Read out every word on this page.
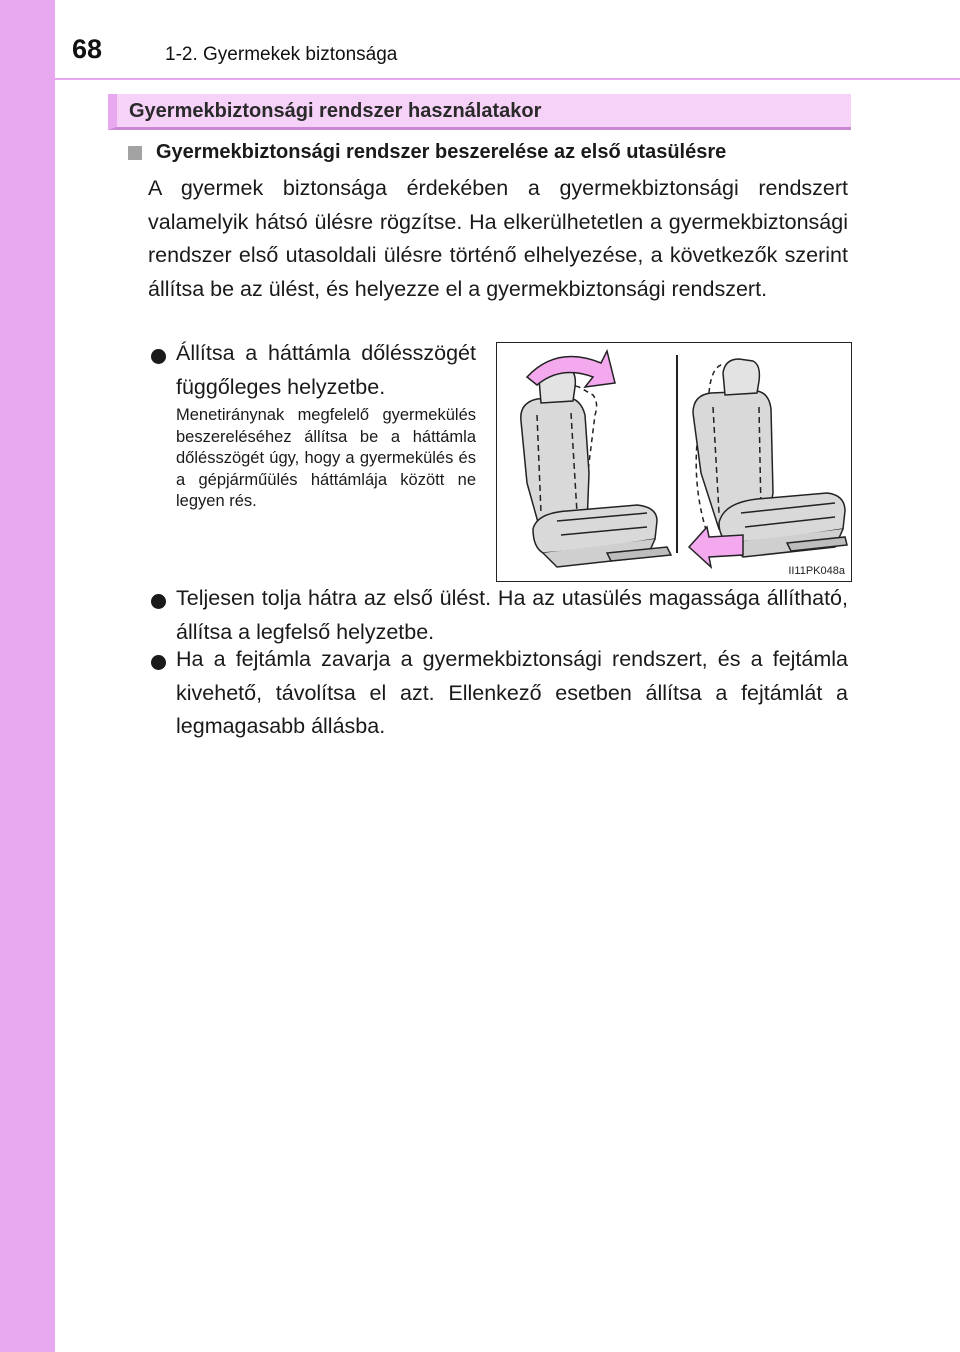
68	1-2. Gyermekek biztonsága
Gyermekbiztonsági rendszer használatakor
Gyermekbiztonsági rendszer beszerelése az első utasülésre
A gyermek biztonsága érdekében a gyermekbiztonsági rendszert valamelyik hátsó ülésre rögzítse. Ha elkerülhetetlen a gyermekbiztonsági rendszer első utasoldali ülésre történő elhelyezése, a következők szerint állítsa be az ülést, és helyezze el a gyermekbiztonsági rendszert.
Állítsa a háttámla dőlésszögét függőleges helyzetbe.
Menetiránynak megfelelő gyermekülés beszereléséhez állítsa be a háttámla dőlésszögét úgy, hogy a gyermekülés és a gépjárműülés háttámlája között ne legyen rés.
II11PK048a
Teljesen tolja hátra az első ülést. Ha az utasülés magassága állítható, állítsa a legfelső helyzetbe.
Ha a fejtámla zavarja a gyermekbiztonsági rendszert, és a fejtámla kivehető, távolítsa el azt. Ellenkező esetben állítsa a fejtámlát a legmagasabb állásba.
